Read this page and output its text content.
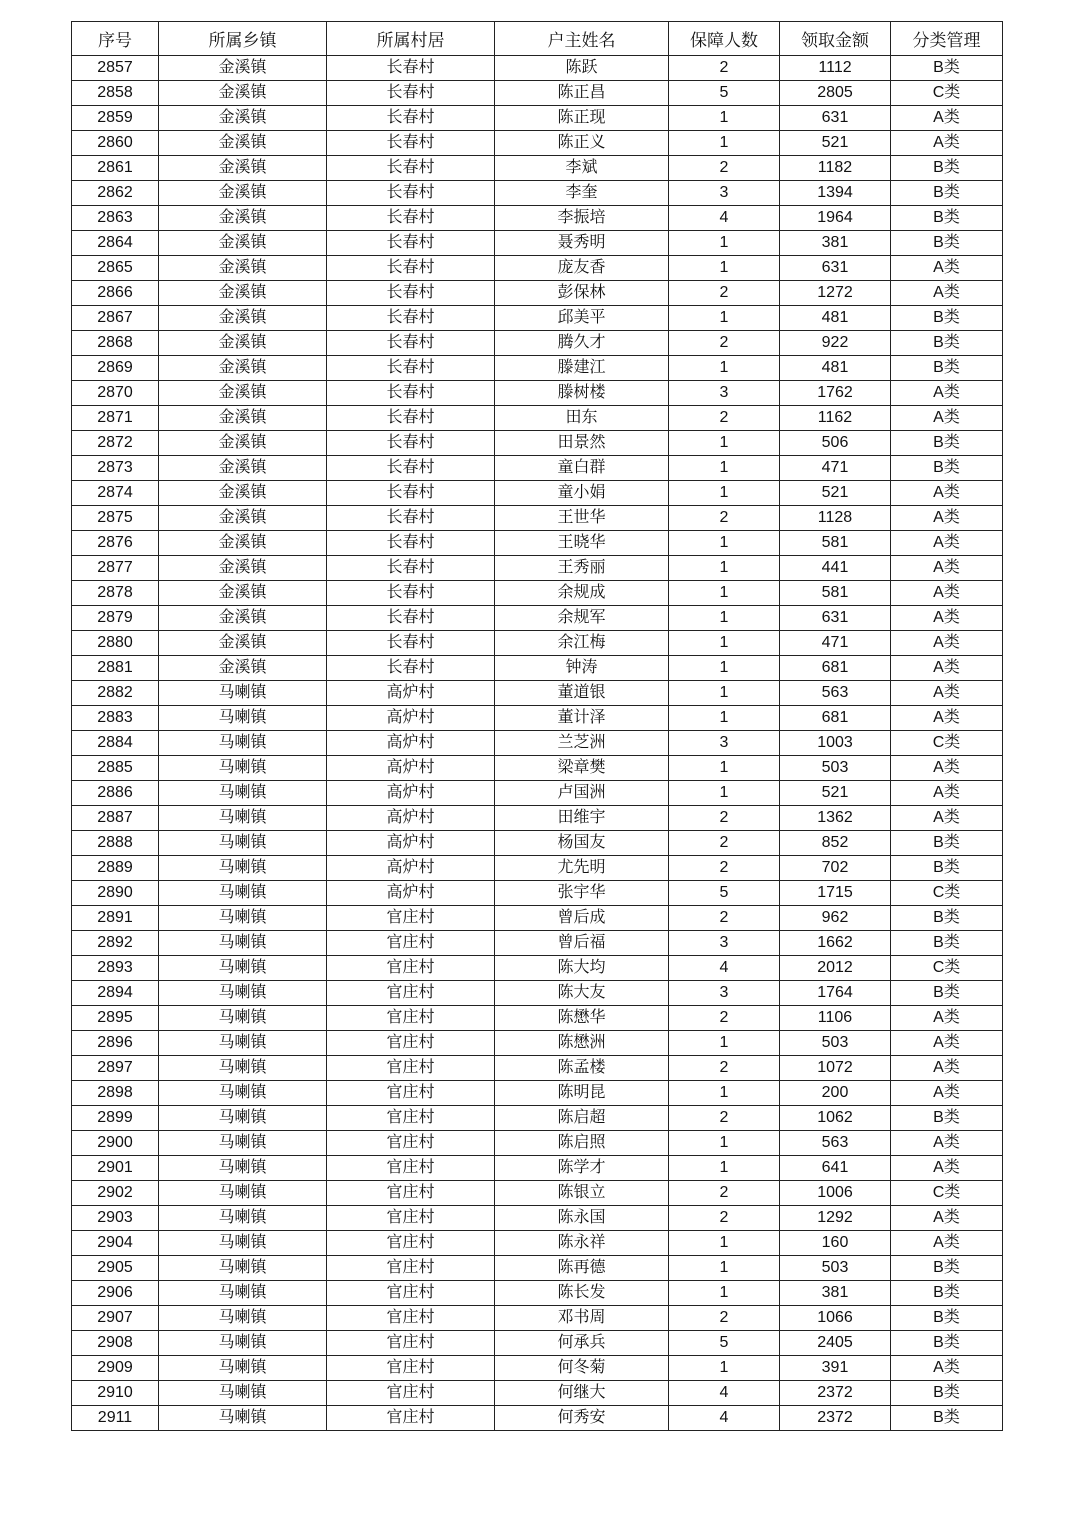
序号	所属乡镇	所属村居	户主姓名	保障人数	领取金额	分类管理
2857	金溪镇	长春村	陈跃	2	1112	B类
2858	金溪镇	长春村	陈正昌	5	2805	C类
2859	金溪镇	长春村	陈正现	1	631	A类
2860	金溪镇	长春村	陈正义	1	521	A类
2861	金溪镇	长春村	李斌	2	1182	B类
2862	金溪镇	长春村	李奎	3	1394	B类
2863	金溪镇	长春村	李振培	4	1964	B类
2864	金溪镇	长春村	聂秀明	1	381	B类
2865	金溪镇	长春村	庞友香	1	631	A类
2866	金溪镇	长春村	彭保林	2	1272	A类
2867	金溪镇	长春村	邱美平	1	481	B类
2868	金溪镇	长春村	腾久才	2	922	B类
2869	金溪镇	长春村	滕建江	1	481	B类
2870	金溪镇	长春村	滕树楼	3	1762	A类
2871	金溪镇	长春村	田东	2	1162	A类
2872	金溪镇	长春村	田景然	1	506	B类
2873	金溪镇	长春村	童白群	1	471	B类
2874	金溪镇	长春村	童小娟	1	521	A类
2875	金溪镇	长春村	王世华	2	1128	A类
2876	金溪镇	长春村	王晓华	1	581	A类
2877	金溪镇	长春村	王秀丽	1	441	A类
2878	金溪镇	长春村	余规成	1	581	A类
2879	金溪镇	长春村	余规军	1	631	A类
2880	金溪镇	长春村	余江梅	1	471	A类
2881	金溪镇	长春村	钟涛	1	681	A类
2882	马喇镇	高炉村	董道银	1	563	A类
2883	马喇镇	高炉村	董计泽	1	681	A类
2884	马喇镇	高炉村	兰芝洲	3	1003	C类
2885	马喇镇	高炉村	梁章樊	1	503	A类
2886	马喇镇	高炉村	卢国洲	1	521	A类
2887	马喇镇	高炉村	田维宇	2	1362	A类
2888	马喇镇	高炉村	杨国友	2	852	B类
2889	马喇镇	高炉村	尤先明	2	702	B类
2890	马喇镇	高炉村	张宇华	5	1715	C类
2891	马喇镇	官庄村	曾后成	2	962	B类
2892	马喇镇	官庄村	曾后福	3	1662	B类
2893	马喇镇	官庄村	陈大均	4	2012	C类
2894	马喇镇	官庄村	陈大友	3	1764	B类
2895	马喇镇	官庄村	陈懋华	2	1106	A类
2896	马喇镇	官庄村	陈懋洲	1	503	A类
2897	马喇镇	官庄村	陈孟楼	2	1072	A类
2898	马喇镇	官庄村	陈明昆	1	200	A类
2899	马喇镇	官庄村	陈启超	2	1062	B类
2900	马喇镇	官庄村	陈启照	1	563	A类
2901	马喇镇	官庄村	陈学才	1	641	A类
2902	马喇镇	官庄村	陈银立	2	1006	C类
2903	马喇镇	官庄村	陈永国	2	1292	A类
2904	马喇镇	官庄村	陈永祥	1	160	A类
2905	马喇镇	官庄村	陈再德	1	503	B类
2906	马喇镇	官庄村	陈长发	1	381	B类
2907	马喇镇	官庄村	邓书周	2	1066	B类
2908	马喇镇	官庄村	何承兵	5	2405	B类
2909	马喇镇	官庄村	何冬菊	1	391	A类
2910	马喇镇	官庄村	何继大	4	2372	B类
2911	马喇镇	官庄村	何秀安	4	2372	B类
